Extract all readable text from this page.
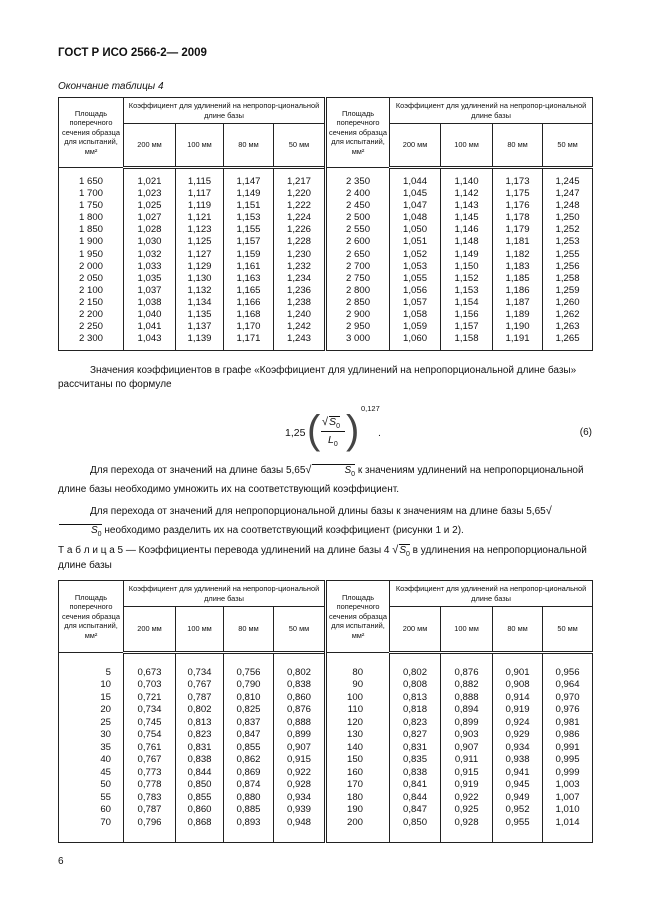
ГОСТ Р ИСО 2566-2— 2009
Окончание таблицы 4
Площадь поперечного сечения образца для испытаний, мм²	Коэффициент для удлинений на непропор-циональной длине базы				Площадь поперечного сечения образца для испытаний, мм²	Коэффициент для удлинений на непропор-циональной длине базы			
	200 мм	100 мм	80 мм	50 мм		200 мм	100 мм	80 мм	50 мм

1 650	1,021	1,115	1,147	1,217	2 350	1,044	1,140	1,173	1,245
1 700	1,023	1,117	1,149	1,220	2 400	1,045	1,142	1,175	1,247
1 750	1,025	1,119	1,151	1,222	2 450	1,047	1,143	1,176	1,248
1 800	1,027	1,121	1,153	1,224	2 500	1,048	1,145	1,178	1,250
1 850	1,028	1,123	1,155	1,226	2 550	1,050	1,146	1,179	1,252
1 900	1,030	1,125	1,157	1,228	2 600	1,051	1,148	1,181	1,253
1 950	1,032	1,127	1,159	1,230	2 650	1,052	1,149	1,182	1,255
2 000	1,033	1,129	1,161	1,232	2 700	1,053	1,150	1,183	1,256
2 050	1,035	1,130	1,163	1,234	2 750	1,055	1,152	1,185	1,258
2 100	1,037	1,132	1,165	1,236	2 800	1,056	1,153	1,186	1,259
2 150	1,038	1,134	1,166	1,238	2 850	1,057	1,154	1,187	1,260
2 200	1,040	1,135	1,168	1,240	2 900	1,058	1,156	1,189	1,262
2 250	1,041	1,137	1,170	1,242	2 950	1,059	1,157	1,190	1,263
2 300	1,043	1,139	1,171	1,243	3 000	1,060	1,158	1,191	1,265

Значения коэффициентов в графе «Коэффициент для удлинений на непропорциональной длине базы» рассчитаны по формуле
1,25 ( $√S_0$
$L_0$ ) 0,127
.	(6)
Для перехода от значений на длине базы 5,65√	$S_0$ к значениям удлинений на непропорциональной длине базы необходимо умножить их на соответствующий коэффициент.
Для перехода от значений для непропорциональной длины базы к значениям на длине базы $5,65√S_0$ необходимо разделить их на соответствующий коэффициент (рисунки 1 и 2).
Т а б л и ц а 5 — Коэффициенты перевода удлинений на длине базы 4 $√S_0$ в удлинения на непропорциональной длине базы
Площадь поперечного сечения образца для испытаний, мм²	Коэффициент для удлинений на непропор-циональной длине базы				Площадь поперечного сечения образца для испытаний, мм²	Коэффициент для удлинений на непропор-циональной длине базы			
	200 мм	100 мм	80 мм	50 мм		200 мм	100 мм	80 мм	50 мм

5	0,673	0,734	0,756	0,802	80	0,802	0,876	0,901	0,956
10	0,703	0,767	0,790	0,838	90	0,808	0,882	0,908	0,964
15	0,721	0,787	0,810	0,860	100	0,813	0,888	0,914	0,970
20	0,734	0,802	0,825	0,876	110	0,818	0,894	0,919	0,976
25	0,745	0,813	0,837	0,888	120	0,823	0,899	0,924	0,981
30	0,754	0,823	0,847	0,899	130	0,827	0,903	0,929	0,986
35	0,761	0,831	0,855	0,907	140	0,831	0,907	0,934	0,991
40	0,767	0,838	0,862	0,915	150	0,835	0,911	0,938	0,995
45	0,773	0,844	0,869	0,922	160	0,838	0,915	0,941	0,999
50	0,778	0,850	0,874	0,928	170	0,841	0,919	0,945	1,003
55	0,783	0,855	0,880	0,934	180	0,844	0,922	0,949	1,007
60	0,787	0,860	0,885	0,939	190	0,847	0,925	0,952	1,010
70	0,796	0,868	0,893	0,948	200	0,850	0,928	0,955	1,014

6
